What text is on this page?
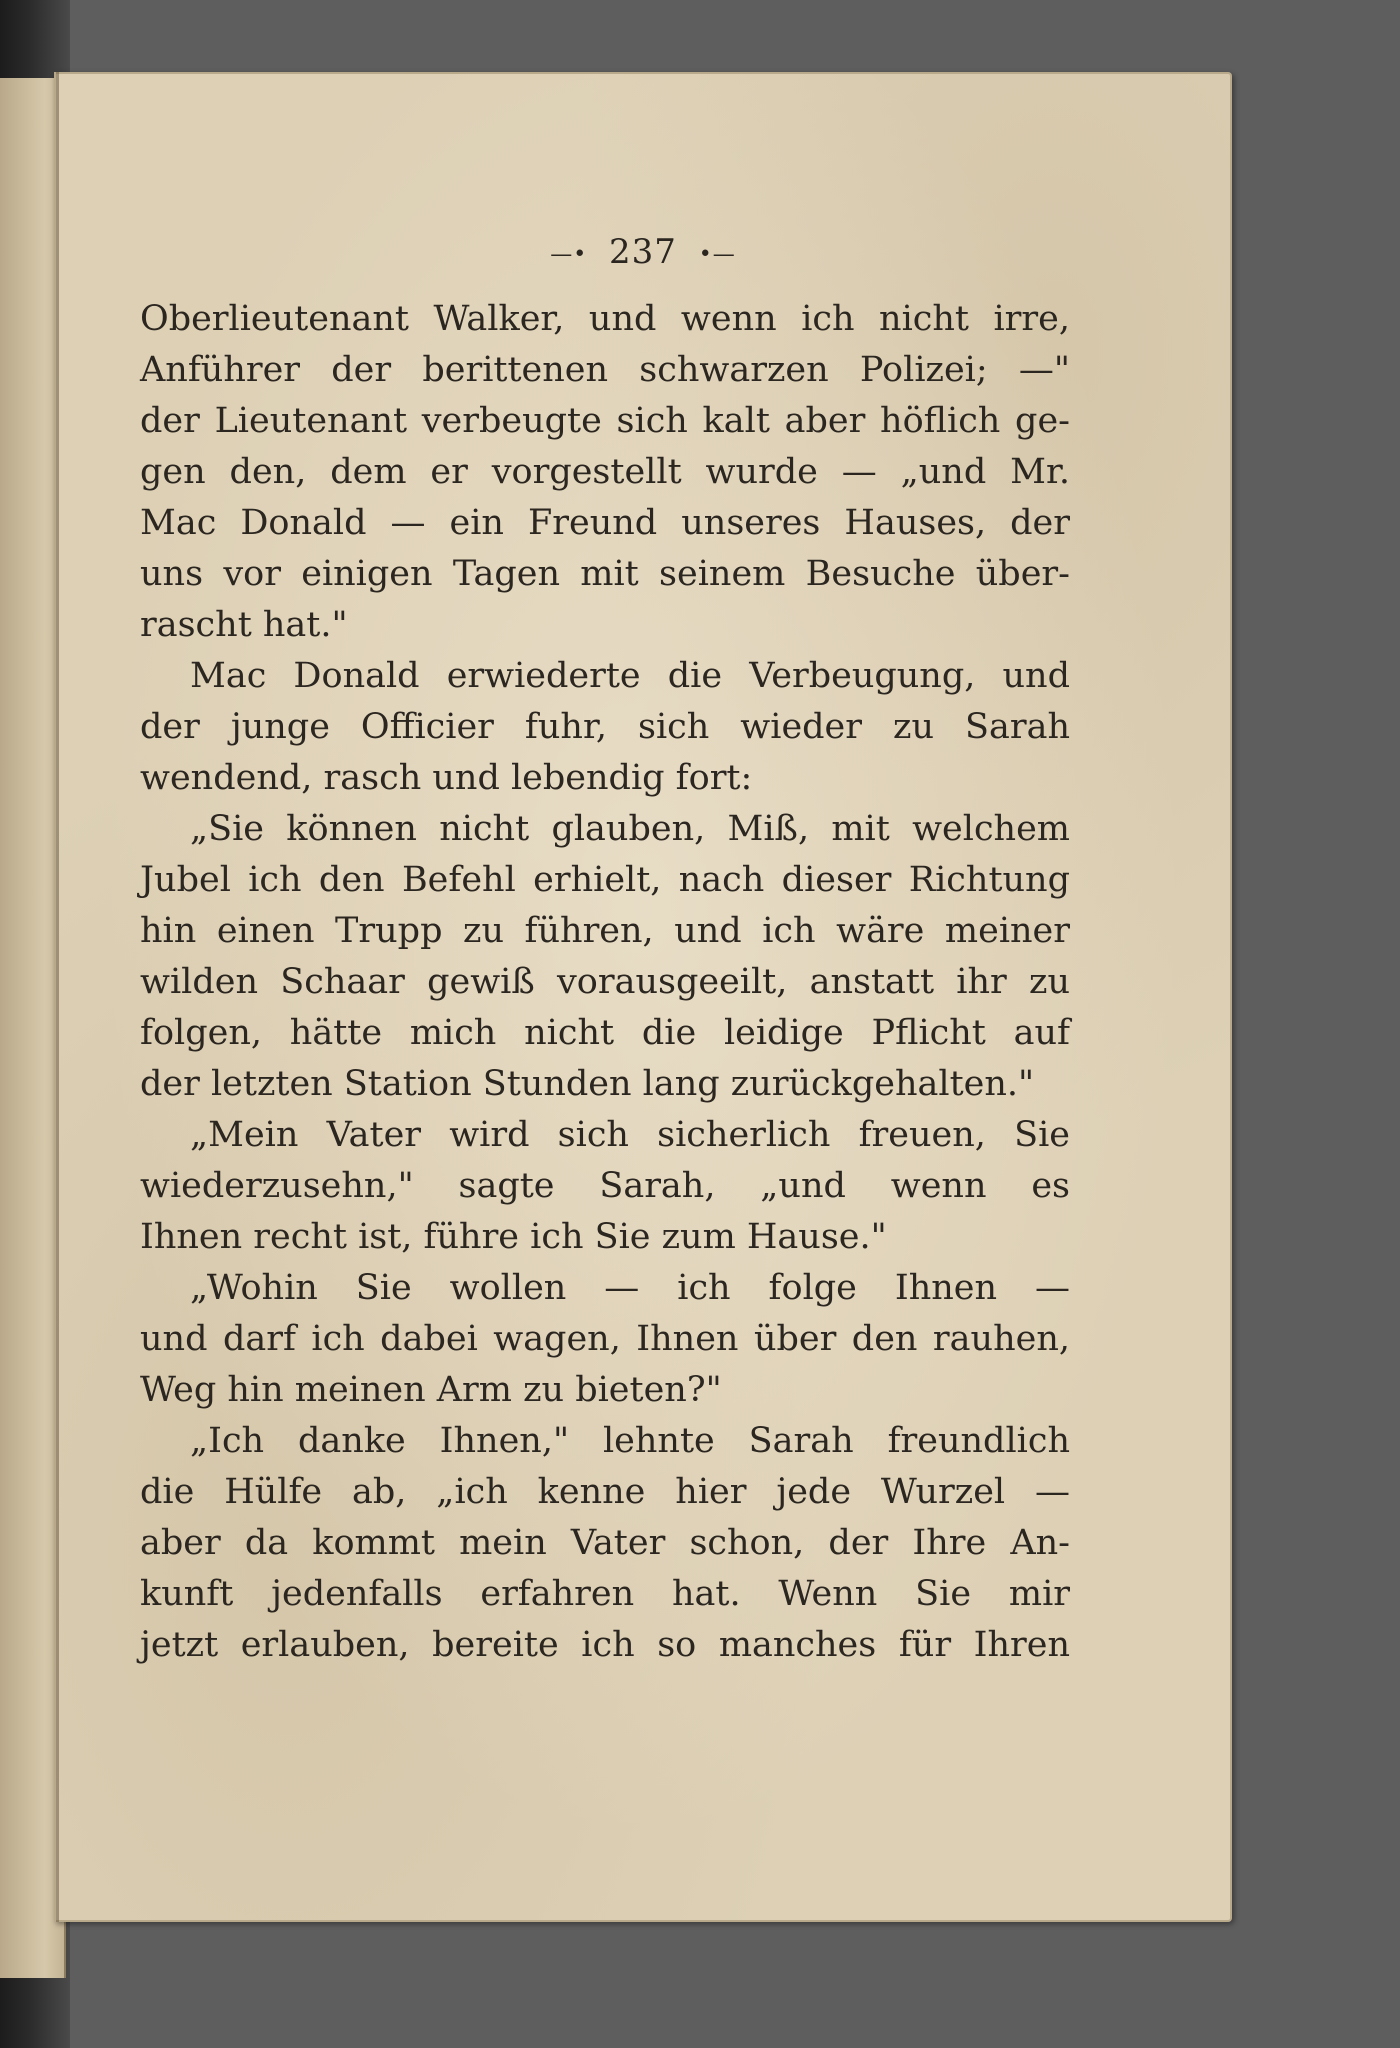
—• 237 •—
Oberlieutenant Walker, und wenn ich nicht irre,
Anführer der berittenen schwarzen Polizei; —"
der Lieutenant verbeugte sich kalt aber höflich ge-
gen den, dem er vorgestellt wurde — „und Mr.
Mac Donald — ein Freund unseres Hauses, der
uns vor einigen Tagen mit seinem Besuche über-
rascht hat."
Mac Donald erwiederte die Verbeugung, und
der junge Officier fuhr, sich wieder zu Sarah
wendend, rasch und lebendig fort:
„Sie können nicht glauben, Miß, mit welchem
Jubel ich den Befehl erhielt, nach dieser Richtung
hin einen Trupp zu führen, und ich wäre meiner
wilden Schaar gewiß vorausgeeilt, anstatt ihr zu
folgen, hätte mich nicht die leidige Pflicht auf
der letzten Station Stunden lang zurückgehalten."
„Mein Vater wird sich sicherlich freuen, Sie
wiederzusehn," sagte Sarah, „und wenn es
Ihnen recht ist, führe ich Sie zum Hause."
„Wohin Sie wollen — ich folge Ihnen —
und darf ich dabei wagen, Ihnen über den rauhen,
Weg hin meinen Arm zu bieten?"
„Ich danke Ihnen," lehnte Sarah freundlich
die Hülfe ab, „ich kenne hier jede Wurzel —
aber da kommt mein Vater schon, der Ihre An-
kunft jedenfalls erfahren hat. Wenn Sie mir
jetzt erlauben, bereite ich so manches für Ihren
